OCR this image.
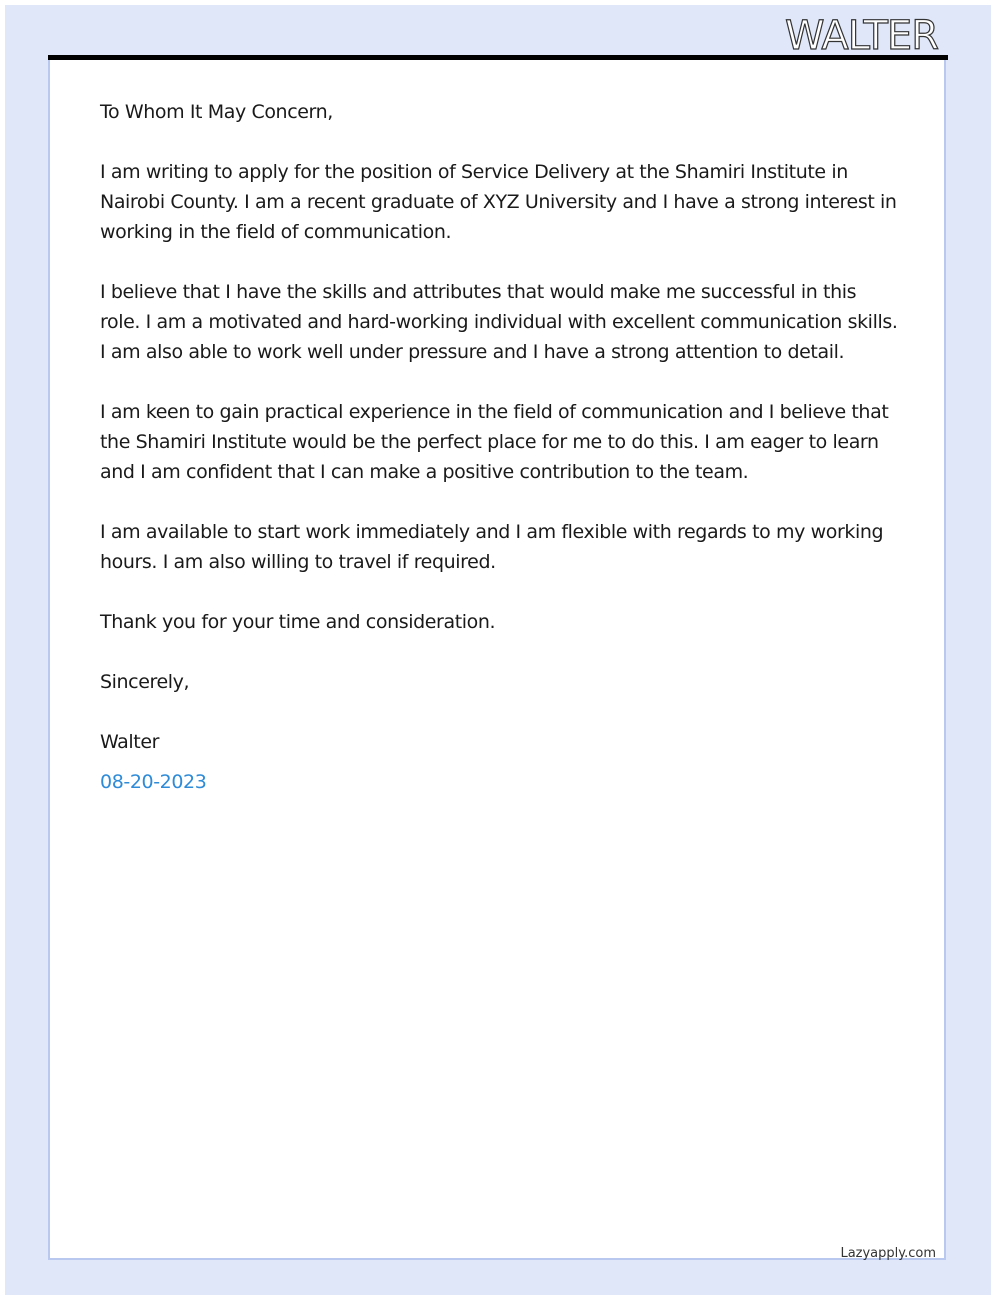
WALTER

To Whom It May Concern,

I am writing to apply for the position of Service Delivery at the Shamiri Institute in Nairobi County. I am a recent graduate of XYZ University and I have a strong interest in working in the field of communication.

I believe that I have the skills and attributes that would make me successful in this role. I am a motivated and hard-working individual with excellent communication skills. I am also able to work well under pressure and I have a strong attention to detail.

I am keen to gain practical experience in the field of communication and I believe that the Shamiri Institute would be the perfect place for me to do this. I am eager to learn and I am confident that I can make a positive contribution to the team.

I am available to start work immediately and I am flexible with regards to my working hours. I am also willing to travel if required.

Thank you for your time and consideration.

Sincerely,

Walter

08-20-2023

Lazyapply.com
